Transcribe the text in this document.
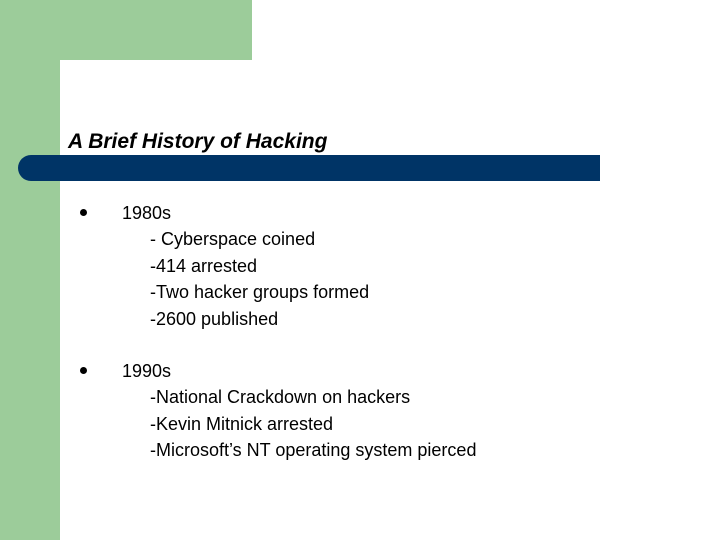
A Brief History of Hacking
1980s
- Cyberspace coined
-414 arrested
-Two hacker groups formed
-2600 published
1990s
-National Crackdown on hackers
-Kevin Mitnick arrested
-Microsoft’s NT operating system pierced
